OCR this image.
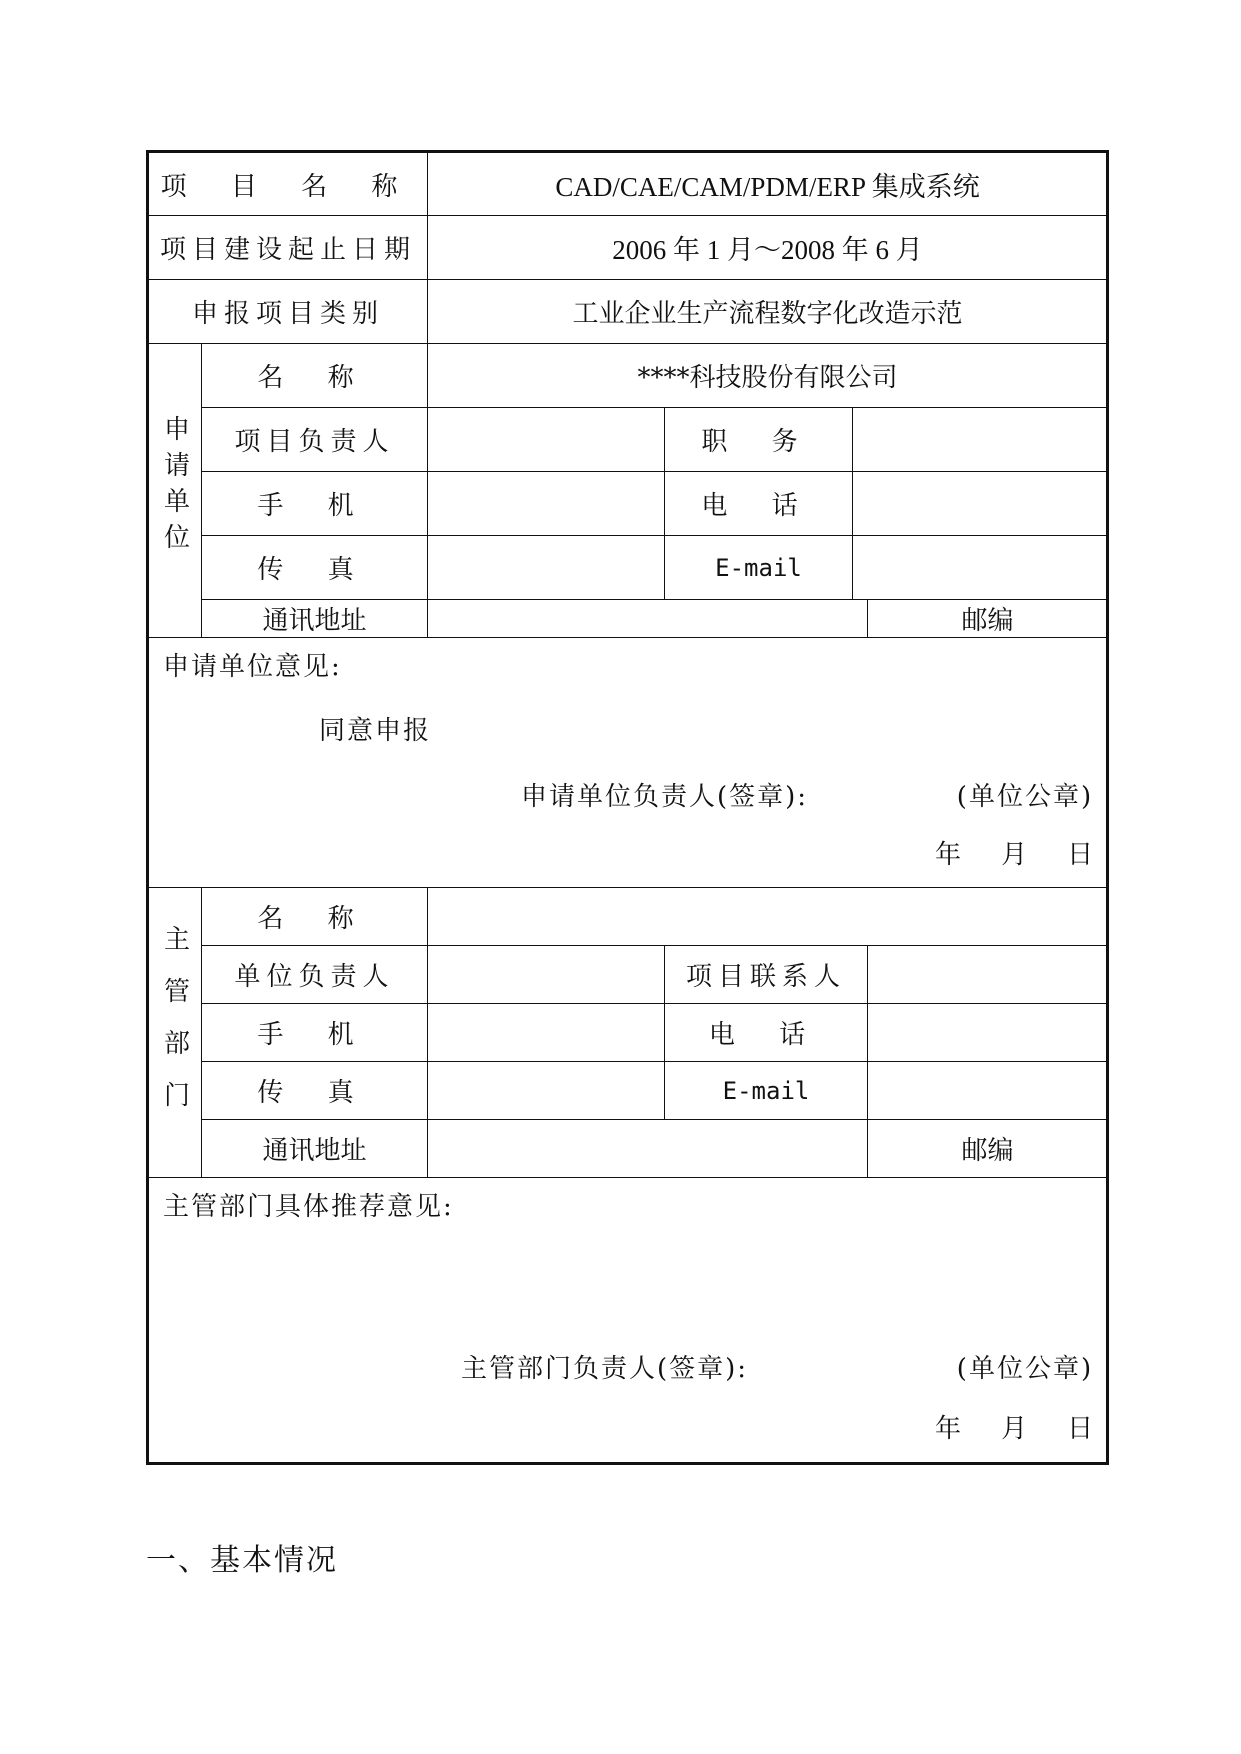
项 目 名 称		CAD/CAE/CAM/PDM/ERP 集成系统				
项目建设起止日期		2006 年 1 月～2008 年 6 月				
申报项目类别		工业企业生产流程数字化改造示范				
申请单位	名 称	****科技股份有限公司				
	项目负责人		职 务			
	手 机		电 话			
	传 真		E-mail			
	通讯地址				邮编	

申请单位意见:
同意申报
申请单位负责人(签章): (单位公章)
年 月 日						

主管部门	名 称					
	单位负责人		项目联系人			
	手 机		电 话			
	传 真		E-mail			
	通讯地址				邮编	

主管部门具体推荐意见:
主管部门负责人(签章): (单位公章)
年 月 日						
一、基本情况
